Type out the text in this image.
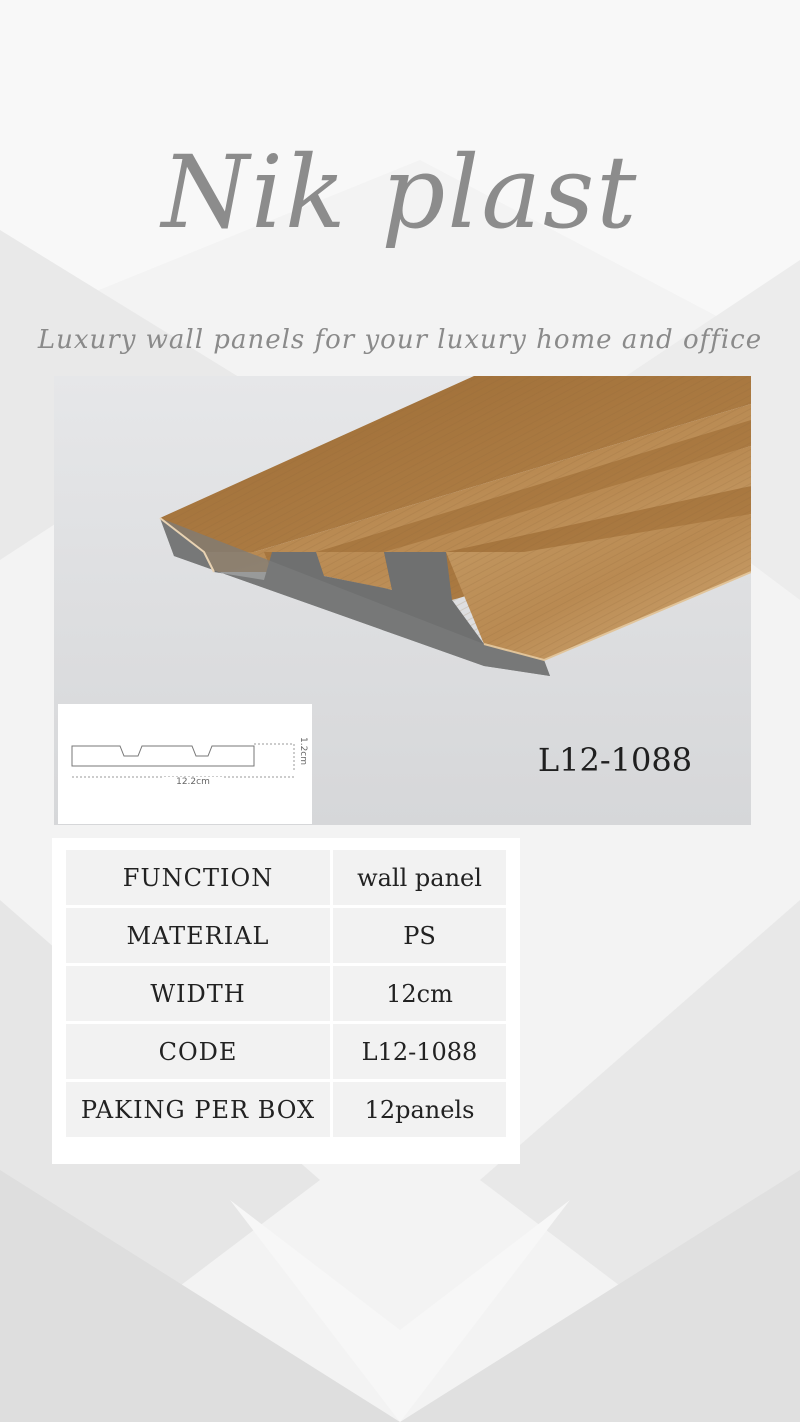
Nik plast
Luxury wall panels for your luxury home and office
12.2cm
1.2cm	L12-1088
FUNCTION	wall panel
MATERIAL	PS
WIDTH	12cm
CODE	L12-1088
PAKING PER BOX	12panels
